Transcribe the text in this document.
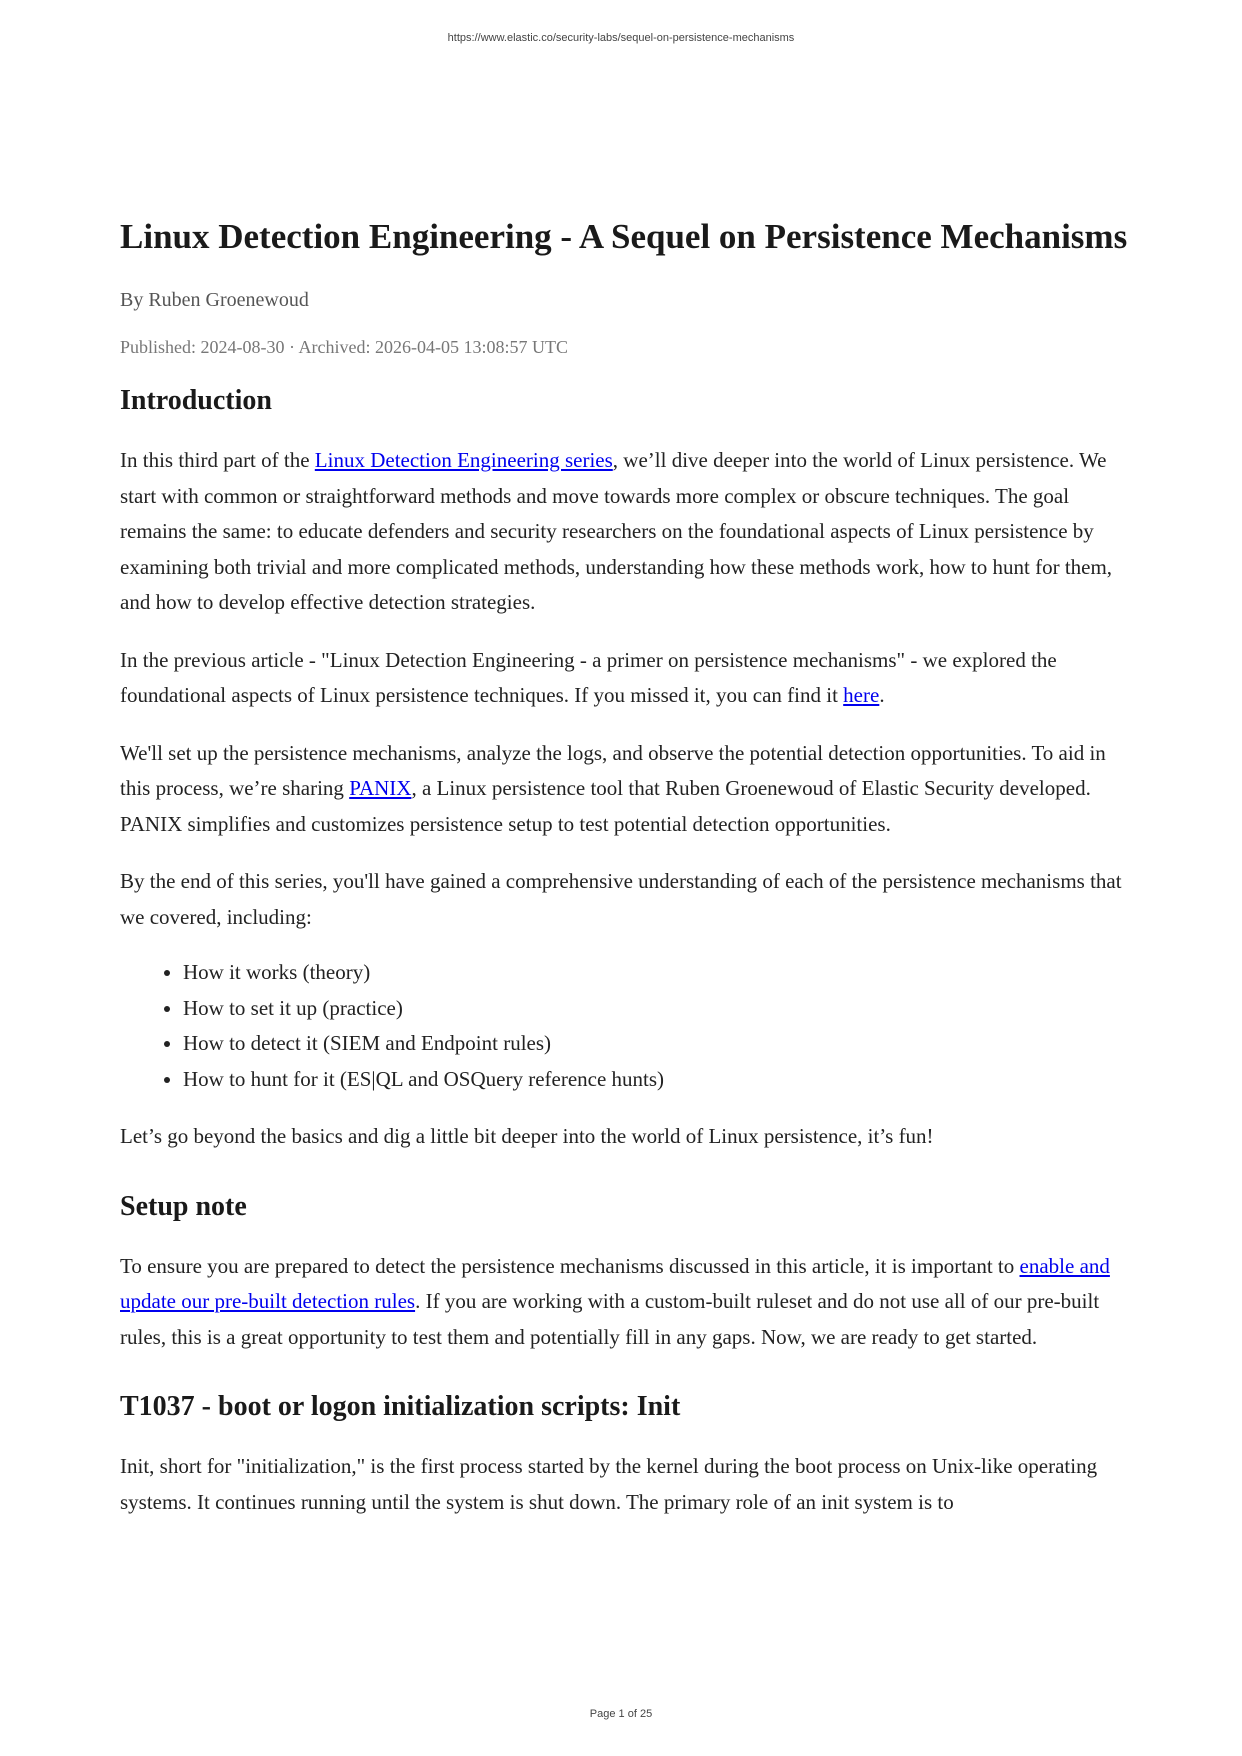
https://www.elastic.co/security-labs/sequel-on-persistence-mechanisms
Linux Detection Engineering - A Sequel on Persistence Mechanisms
By Ruben Groenewoud
Published: 2024-08-30 · Archived: 2026-04-05 13:08:57 UTC
Introduction

In this third part of the Linux Detection Engineering series, we’ll dive deeper into the world of Linux persistence. We start with common or straightforward methods and move towards more complex or obscure techniques. The goal remains the same: to educate defenders and security researchers on the foundational aspects of Linux persistence by examining both trivial and more complicated methods, understanding how these methods work, how to hunt for them, and how to develop effective detection strategies.

In the previous article - "Linux Detection Engineering - a primer on persistence mechanisms" - we explored the foundational aspects of Linux persistence techniques. If you missed it, you can find it here.

We'll set up the persistence mechanisms, analyze the logs, and observe the potential detection opportunities. To aid in this process, we’re sharing PANIX, a Linux persistence tool that Ruben Groenewoud of Elastic Security developed. PANIX simplifies and customizes persistence setup to test potential detection opportunities.

By the end of this series, you'll have gained a comprehensive understanding of each of the persistence mechanisms that we covered, including:

• How it works (theory)
• How to set it up (practice)
• How to detect it (SIEM and Endpoint rules)
• How to hunt for it (ES|QL and OSQuery reference hunts)

Let’s go beyond the basics and dig a little bit deeper into the world of Linux persistence, it’s fun!

Setup note

To ensure you are prepared to detect the persistence mechanisms discussed in this article, it is important to enable and update our pre-built detection rules. If you are working with a custom-built ruleset and do not use all of our pre-built rules, this is a great opportunity to test them and potentially fill in any gaps. Now, we are ready to get started.

T1037 - boot or logon initialization scripts: Init

Init, short for "initialization," is the first process started by the kernel during the boot process on Unix-like operating systems. It continues running until the system is shut down. The primary role of an init system is to

Page 1 of 25
